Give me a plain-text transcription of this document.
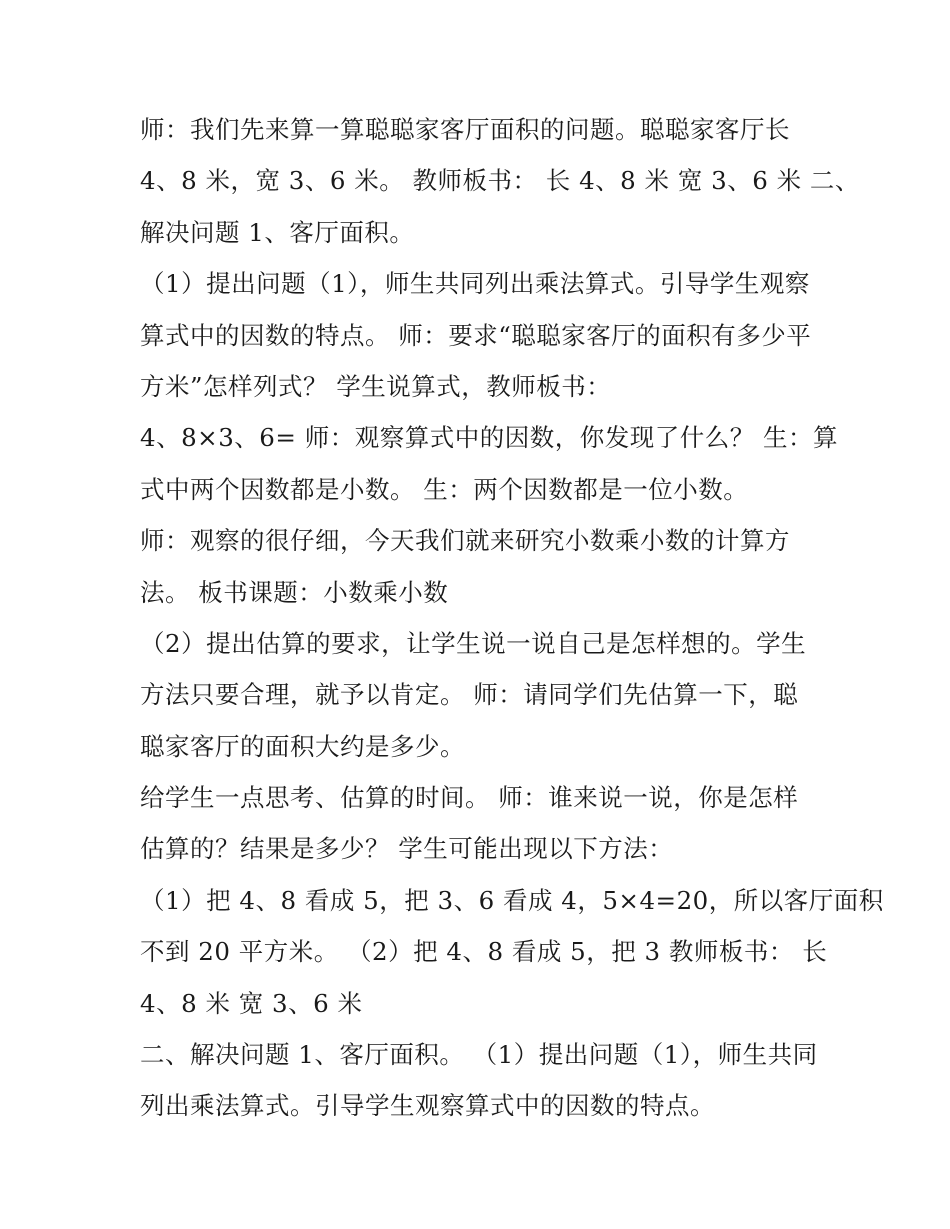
师：我们先来算一算聪聪家客厅面积的问题。聪聪家客厅长
4、8 米，宽 3、6 米。 教师板书： 长 4、8 米 宽 3、6 米 二、
解决问题 1、客厅面积。
（1）提出问题（1），师生共同列出乘法算式。引导学生观察
算式中的因数的特点。 师：要求“聪聪家客厅的面积有多少平
方米”怎样列式？ 学生说算式，教师板书：
4、8×3、6= 师：观察算式中的因数，你发现了什么？ 生：算
式中两个因数都是小数。 生：两个因数都是一位小数。
师：观察的很仔细，今天我们就来研究小数乘小数的计算方
法。 板书课题：小数乘小数
（2）提出估算的要求，让学生说一说自己是怎样想的。学生
方法只要合理，就予以肯定。 师：请同学们先估算一下，聪
聪家客厅的面积大约是多少。
给学生一点思考、估算的时间。 师：谁来说一说，你是怎样
估算的？结果是多少？ 学生可能出现以下方法：
（1）把 4、8 看成 5，把 3、6 看成 4，5×4=20，所以客厅面积
不到 20 平方米。 （2）把 4、8 看成 5，把 3 教师板书： 长
4、8 米 宽 3、6 米
二、解决问题 1、客厅面积。 （1）提出问题（1），师生共同
列出乘法算式。引导学生观察算式中的因数的特点。
